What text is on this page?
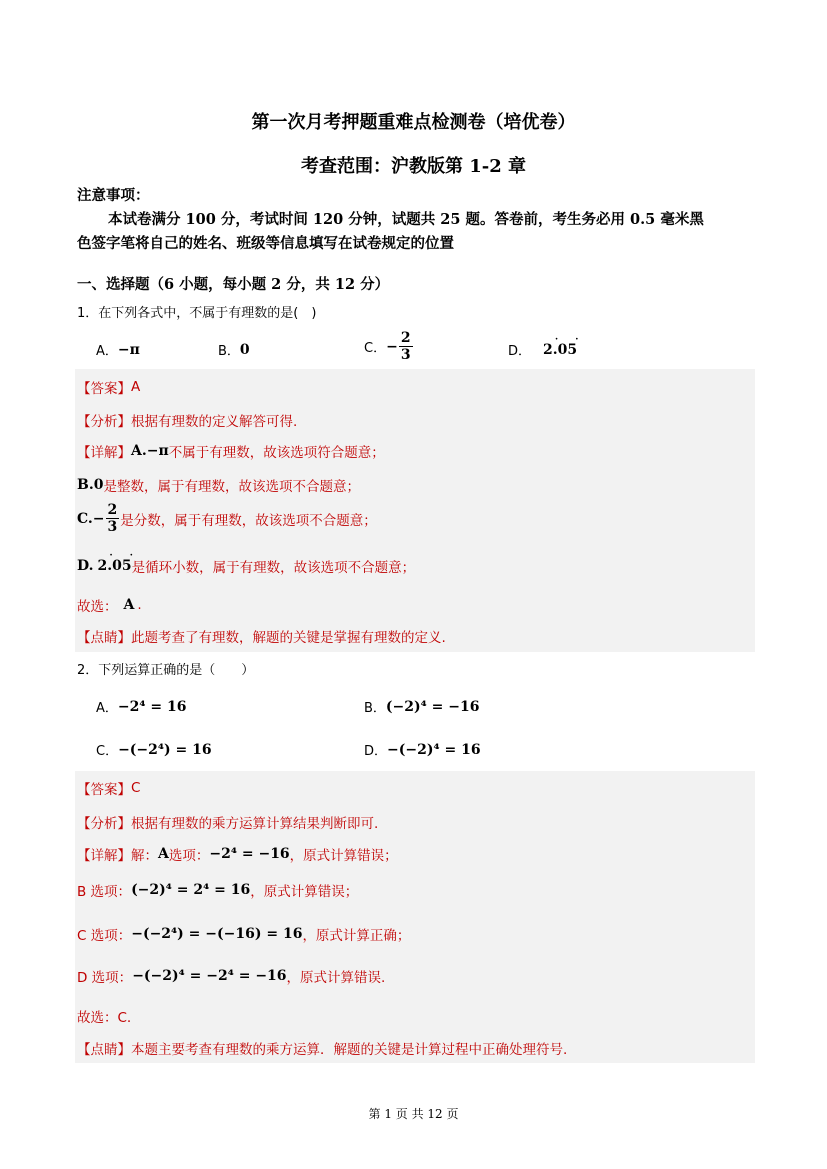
第一次月考押题重难点检测卷（培优卷）
考查范围：沪教版第 1-2 章
注意事项：
本试卷满分 100 分，考试时间 120 分钟，试题共 25 题。答卷前，考生务必用 0.5 毫米黑
色签字笔将自己的姓名、班级等信息填写在试卷规定的位置
一、选择题（6 小题，每小题 2 分，共 12 分）
1．在下列各式中，不属于有理数的是(　)
A． −π	B． 0	C． − $\frac{2}{3}$	D．
· ·
2.05
【答案】 A
【分析】 根据有理数的定义解答可得.
【详解】 A. −π 不属于有理数，故该选项符合题意；
B. 0 是整数，属于有理数，故该选项不合题意；
C. − $\frac{2}{3}$ 是分数，属于有理数，故该选项不合题意；
D.
· ·
2.05 是循环小数，属于有理数，故该选项不合题意；
故选： A .
【点睛】 此题考查了有理数，解题的关键是掌握有理数的定义.
2．下列运算正确的是（　　）
A． −2⁴ = 16	B． (−2)⁴ = −16
C． −(−2⁴) = 16	D． −(−2)⁴ = 16
【答案】 C
【分析】 根据有理数的乘方运算计算结果判断即可.
【详解】 解： A 选项： −2⁴ = −16 ，原式计算错误；
B 选项： (−2)⁴ = 2⁴ = 16 ，原式计算错误；
C 选项： −(−2⁴) = −(−16) = 16 ，原式计算正确；
D 选项： −(−2)⁴ = −2⁴ = −16 ，原式计算错误.
故选：C.
【点睛】 本题主要考查有理数的乘方运算．解题的关键是计算过程中正确处理符号.
第 1 页 共 12 页
